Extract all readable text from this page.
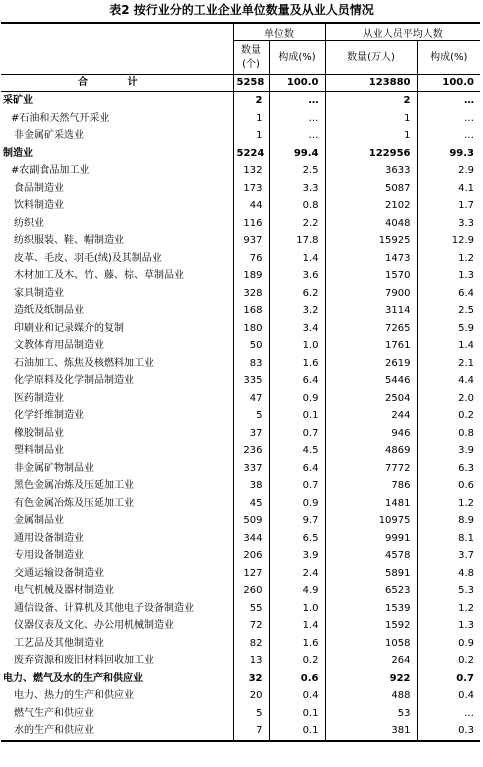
表2 按行业分的工业企业单位数量及从业人员情况
	单位数		从业人员平均人数	
	数量
(个)	构成(%)	数量(万人)	构成(%)
合 计	5258	100.0	123880	100.0
采矿业	2	…	2	…
#石油和天然气开采业	1	…	1	…
非金属矿采选业	1	…	1	…
制造业	5224	99.4	122956	99.3
#农副食品加工业	132	2.5	3633	2.9
食品制造业	173	3.3	5087	4.1
饮料制造业	44	0.8	2102	1.7
纺织业	116	2.2	4048	3.3
纺织服装、鞋、帽制造业	937	17.8	15925	12.9
皮革、毛皮、羽毛(绒)及其制品业	76	1.4	1473	1.2
木材加工及木、竹、藤、棕、草制品业	189	3.6	1570	1.3
家具制造业	328	6.2	7900	6.4
造纸及纸制品业	168	3.2	3114	2.5
印刷业和记录媒介的复制	180	3.4	7265	5.9
文教体育用品制造业	50	1.0	1761	1.4
石油加工、炼焦及核燃料加工业	83	1.6	2619	2.1
化学原料及化学制品制造业	335	6.4	5446	4.4
医药制造业	47	0.9	2504	2.0
化学纤维制造业	5	0.1	244	0.2
橡胶制品业	37	0.7	946	0.8
塑料制品业	236	4.5	4869	3.9
非金属矿物制品业	337	6.4	7772	6.3
黑色金属冶炼及压延加工业	38	0.7	786	0.6
有色金属冶炼及压延加工业	45	0.9	1481	1.2
金属制品业	509	9.7	10975	8.9
通用设备制造业	344	6.5	9991	8.1
专用设备制造业	206	3.9	4578	3.7
交通运输设备制造业	127	2.4	5891	4.8
电气机械及器材制造业	260	4.9	6523	5.3
通信设备、计算机及其他电子设备制造业	55	1.0	1539	1.2
仪器仪表及文化、办公用机械制造业	72	1.4	1592	1.3
工艺品及其他制造业	82	1.6	1058	0.9
废弃资源和废旧材料回收加工业	13	0.2	264	0.2
电力、燃气及水的生产和供应业	32	0.6	922	0.7
电力、热力的生产和供应业	20	0.4	488	0.4
燃气生产和供应业	5	0.1	53	…
水的生产和供应业	7	0.1	381	0.3
